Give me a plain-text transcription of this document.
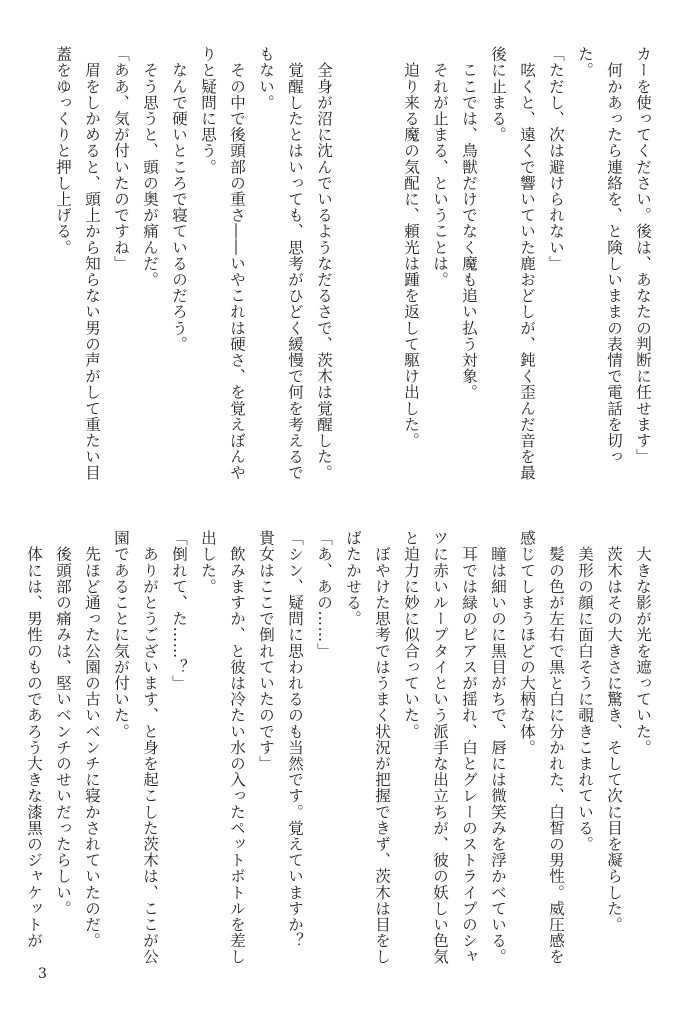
カーを使ってください。後は、あなたの判断に任せます」

　何かあったら連絡を、と険しいままの表情で電話を切った。

「ただし、次は避けられない」

　呟くと、遠くで響いていた鹿おどしが、鈍く歪んだ音を最後に止まる。

　ここでは、鳥獣だけでなく魔も追い払う対象。

　それが止まる、ということは。

　迫り来る魔の気配に、頼光は踵を返して駆け出した。

　全身が沼に沈んでいるようなだるさで、茨木は覚醒した。

　覚醒したとはいっても、思考がひどく緩慢で何を考えるでもない。

　その中で後頭部の重さ――いやこれは硬さ、を覚えぼんやりと疑問に思う。

　なんで硬いところで寝ているのだろう。

　そう思うと、頭の奥が痛んだ。

「ああ、気が付いたのですね」

　眉をしかめると、頭上から知らない男の声がして重たい目蓋をゆっくりと押し上げる。

　大きな影が光を遮っていた。

　茨木はその大きさに驚き、そして次に目を凝らした。

　美形の顔に面白そうに覗きこまれている。

　髪の色が左右で黒と白に分かれた、白皙の男性。威圧感を感じてしまうほどの大柄な体。

　瞳は細いのに黒目がちで、唇には微笑みを浮かべている。

　耳では緑のピアスが揺れ、白とグレーのストライプのシャツに赤いループタイという派手な出立ちが、彼の妖しい色気と迫力に妙に似合っていた。

　ぼやけた思考ではうまく状況が把握できず、茨木は目をしばたかせる。

「あ、あの……」

「シン、疑問に思われるのも当然です。覚えていますか？　貴女はここで倒れていたのです」

　飲みますか、と彼は冷たい水の入ったペットボトルを差し出した。

「倒れて、た……？」

　ありがとうございます、と身を起こした茨木は、ここが公園であることに気が付いた。

　先ほど通った公園の古いベンチに寝かされていたのだ。

　後頭部の痛みは、堅いベンチのせいだったらしい。

　体には、男性のものであろう大きな漆黒のジャケットが

3
